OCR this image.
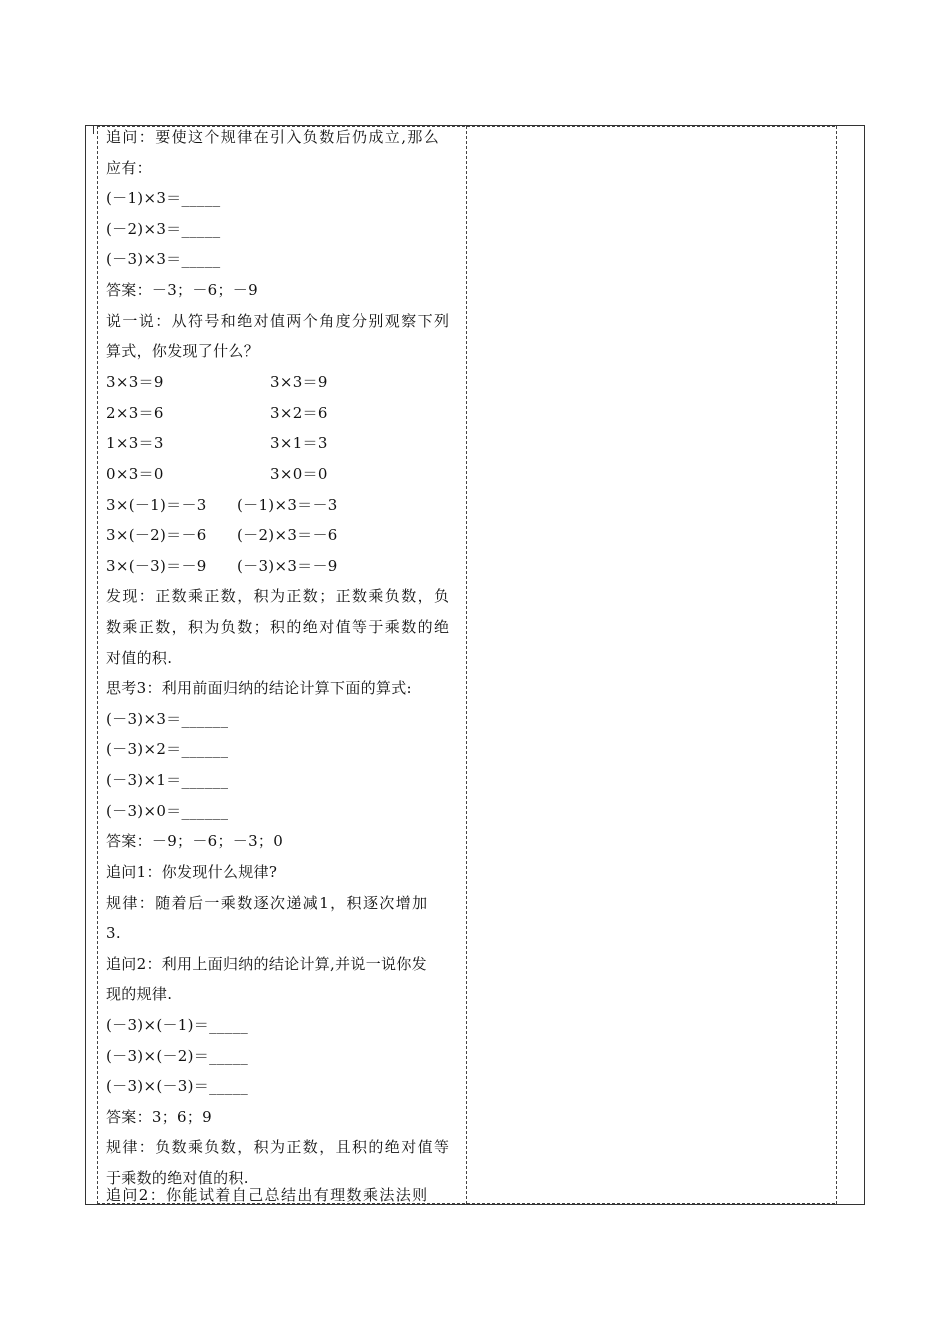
追问：要使这个规律在引入负数后仍成立,那么
应有：
(－1)×3＝_____
(－2)×3＝_____
(－3)×3＝_____
答案：－3；－6；－9
说一说：从符号和绝对值两个角度分别观察下列
算式，你发现了什么？
3×3＝9	3×3＝9
2×3＝6	3×2＝6
1×3＝3	3×1＝3
0×3＝0	3×0＝0
3×(－1)＝－3 (－1)×3＝－3
3×(－2)＝－6 (－2)×3＝－6
3×(－3)＝－9 (－3)×3＝－9
发现：正数乘正数，积为正数；正数乘负数，负
数乘正数，积为负数；积的绝对值等于乘数的绝
对值的积.
思考3：利用前面归纳的结论计算下面的算式:
(－3)×3＝______
(－3)×2＝______
(－3)×1＝______
(－3)×0＝______
答案：－9；－6；－3；0
追问1：你发现什么规律?
规律：随着后一乘数逐次递减1，积逐次增加
3.
追问2：利用上面归纳的结论计算,并说一说你发
现的规律.
(－3)×(－1)＝_____
(－3)×(－2)＝_____
(－3)×(－3)＝_____
答案：3；6；9
规律：负数乘负数，积为正数，且积的绝对值等
于乘数的绝对值的积.
追问2：你能试着自己总结出有理数乘法法则
